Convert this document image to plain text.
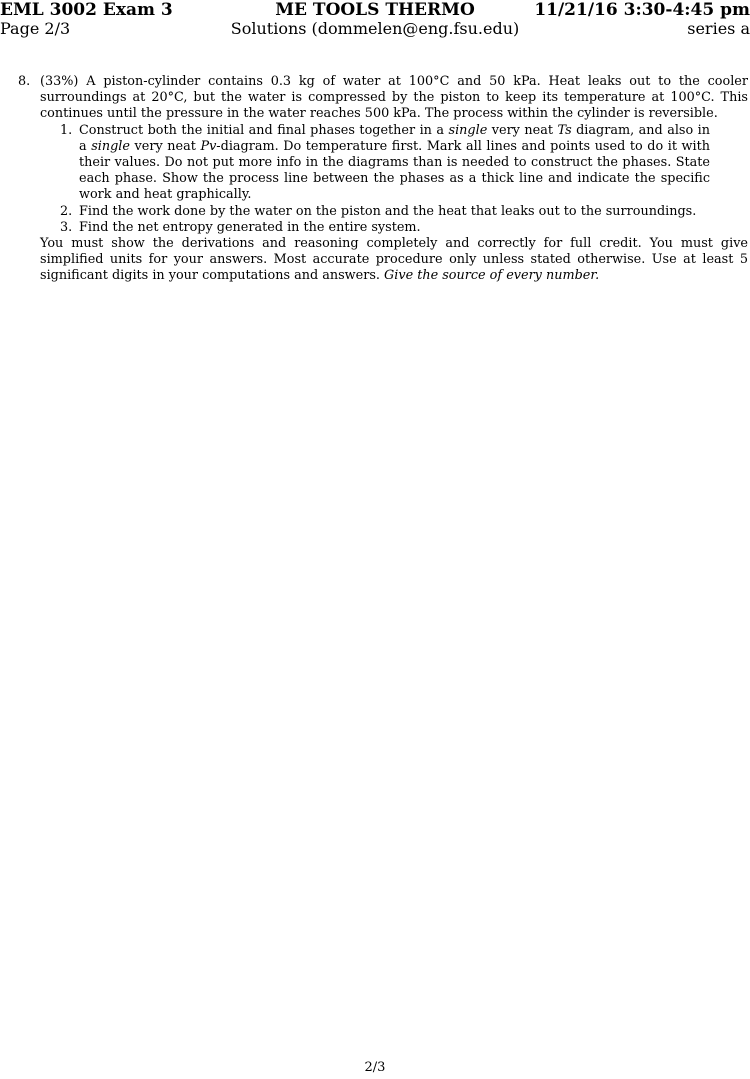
EML 3002 Exam 3	ME TOOLS THERMO	11/21/16 3:30-4:45 pm
Page 2/3	Solutions (dommelen@eng.fsu.edu)	series a
8. (33%) A piston-cylinder contains 0.3 kg of water at 100°C and 50 kPa. Heat leaks out to the cooler surroundings at 20°C, but the water is compressed by the piston to keep its temperature at 100°C. This continues until the pressure in the water reaches 500 kPa. The process within the cylinder is reversible.
1. Construct both the initial and final phases together in a single very neat Ts diagram, and also in a single very neat Pv-diagram. Do temperature first. Mark all lines and points used to do it with their values. Do not put more info in the diagrams than is needed to construct the phases. State each phase. Show the process line between the phases as a thick line and indicate the specific work and heat graphically.
2. Find the work done by the water on the piston and the heat that leaks out to the surroundings.
3. Find the net entropy generated in the entire system.
You must show the derivations and reasoning completely and correctly for full credit. You must give simplified units for your answers. Most accurate procedure only unless stated otherwise. Use at least 5 significant digits in your computations and answers. Give the source of every number.
2/3
